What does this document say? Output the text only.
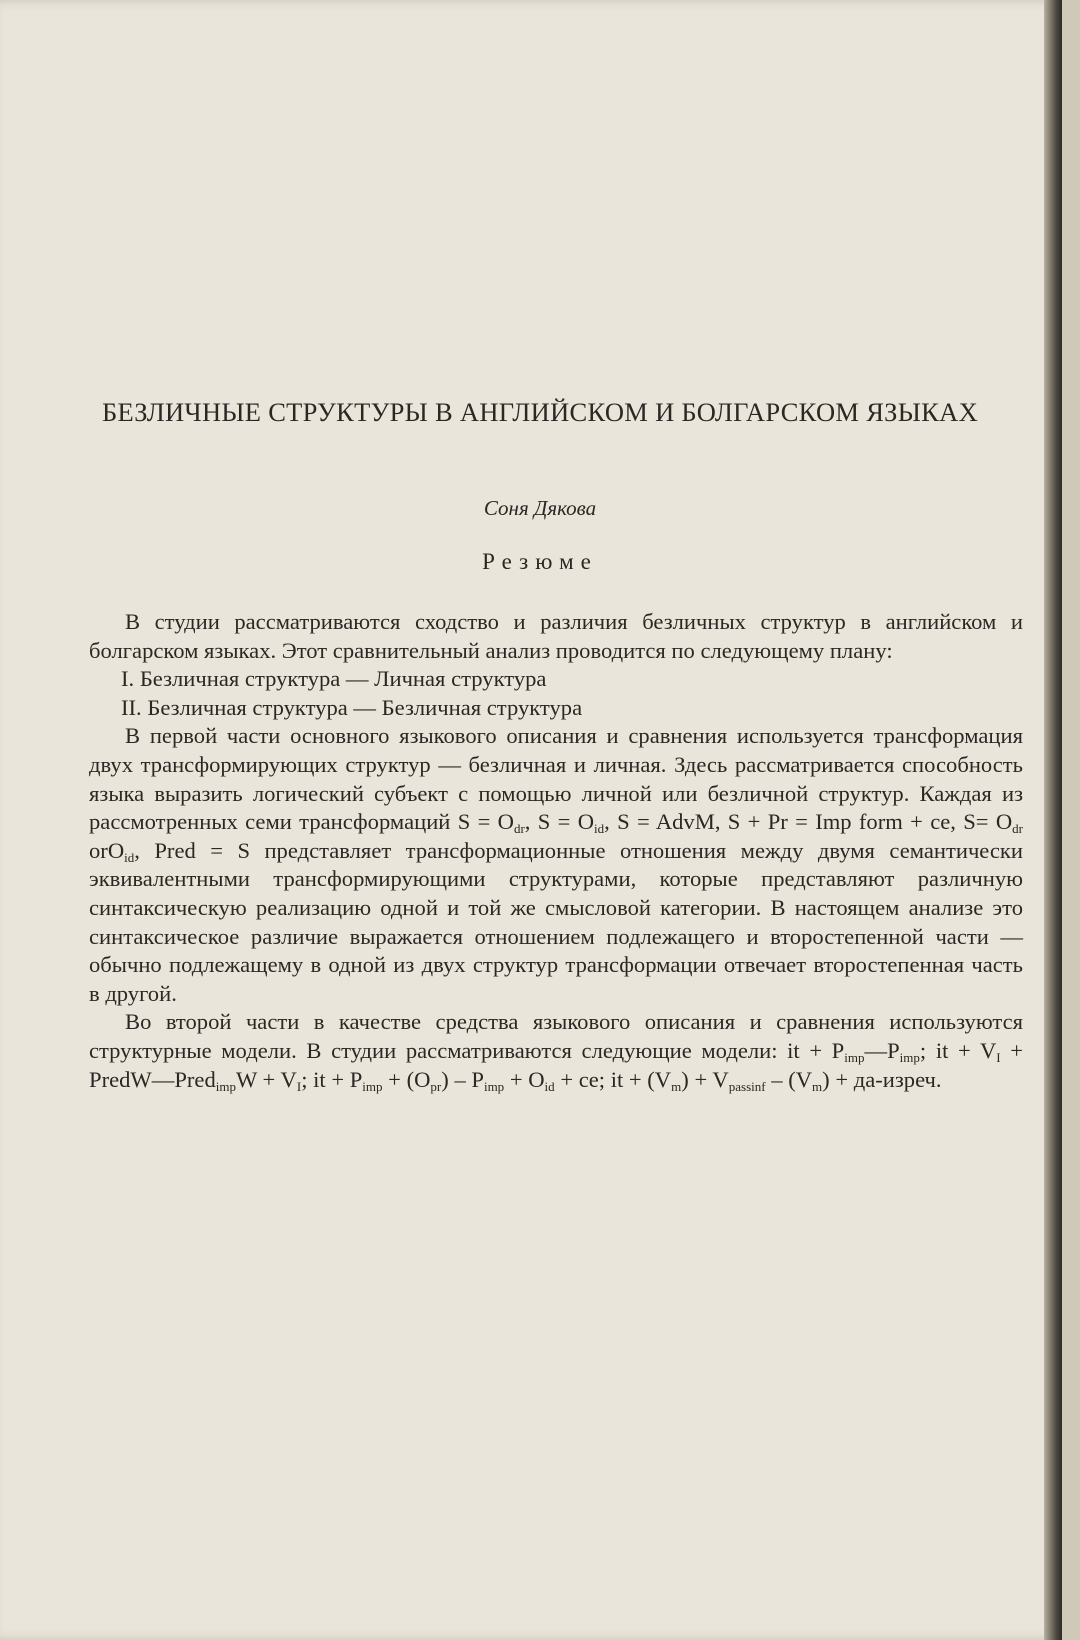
БЕЗЛИЧНЫЕ СТРУКТУРЫ В АНГЛИЙСКОМ И БОЛГАРСКОМ ЯЗЫКАХ
Соня Дякова
Резюме

В студии рассматриваются сходство и различия безличных структур в английском и болгарском языках. Этот сравнительный анализ проводится по следующему плану:

I. Безличная структура — Личная структура

II. Безличная структура — Безличная структура

В первой части основного языкового описания и сравнения используется трансформация двух трансформирующих структур — безличная и личная. Здесь рассматривается способность языка выразить логический субъект с помощью личной или безличной структур. Каждая из рассмотренных семи трансформаций $S = O_{dr}$, $S = O_{id}$, S = AdvM, S + Pr = Imp form + ce, $S= O_{dr}$ orO$_{id}$, Pred = S представляет трансформационные отношения между двумя семантически эквивалентными трансформирующими структурами, которые представляют различную синтаксическую реализацию одной и той же смысловой категории. В настоящем анализе это синтаксическое различие выражается отношением подлежащего и второстепенной части — обычно подлежащему в одной из двух структур трансформации отвечает второстепенная часть в другой.

Во второй части в качестве средства языкового описания и сравнения используются структурные модели. В студии рассматриваются следующие модели: it + $P_{imp}—P_{imp}$; it + $V_I$ + PredW—Pred$_{imp}$W + $V_I$; it + $P_{imp} + (O_{pr}) - P_{imp} + O_{id}$ + ce; it + $(V_m) + V_{passinf} - (V_m)$ + да-изреч.
